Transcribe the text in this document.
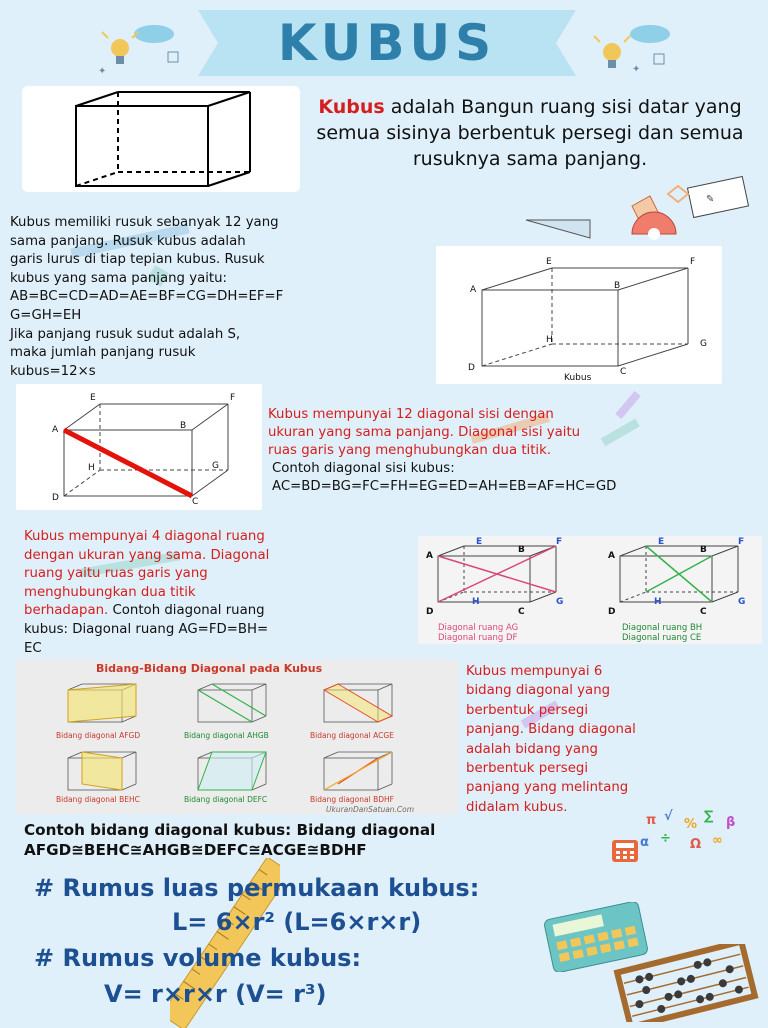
KUBUS
✦	✦
Kubus adalah Bangun ruang sisi datar yang semua sisinya berbentuk persegi dan semua rusuknya sama panjang.
✎
Kubus memiliki rusuk sebanyak 12 yang
sama panjang. Rusuk kubus adalah
garis lurus di tiap tepian kubus. Rusuk
kubus yang sama panjang yaitu:
AB=BC=CD=AD=AE=BF=CG=DH=EF=F
G=GH=EH
Jika panjang rusuk sudut adalah S,
maka jumlah panjang rusuk
kubus=12×s
A	B
C
D
E	F
G
H
Kubus
A	B
C
D
E	F
G
H
Kubus mempunyai 12 diagonal sisi dengan
ukuran yang sama panjang. Diagonal sisi yaitu
ruas garis yang menghubungkan dua titik.
Contoh diagonal sisi kubus:
AC=BD=BG=FC=FH=EG=ED=AH=EB=AF=HC=GD
Kubus mempunyai 4 diagonal ruang
dengan ukuran yang sama. Diagonal
ruang yaitu ruas garis yang
menghubungkan dua titik
berhadapan. Contoh diagonal ruang
kubus: Diagonal ruang AG=FD=BH=
EC
A
B
C
D
E	F
G
H
A
B
C
D
E	F
G
H
Diagonal ruang AG
Diagonal ruang DF
Diagonal ruang BH
Diagonal ruang CE
Bidang-Bidang Diagonal pada Kubus
Bidang diagonal AFGD	Bidang diagonal AHGB	Bidang diagonal ACGE
Bidang diagonal BEHC	Bidang diagonal DEFC	Bidang diagonal BDHF
UkuranDanSatuan.Com
Kubus mempunyai 6
bidang diagonal yang
berbentuk persegi
panjang. Bidang diagonal
adalah bidang yang
berbentuk persegi
panjang yang melintang
didalam kubus.
π √
%
∑ β
α ÷ Ω ∞
Contoh bidang diagonal kubus: Bidang diagonal
AFGD≅BEHC≅AHGB≅DEFC≅ACGE≅BDHF
# Rumus luas permukaan kubus:
L= 6×r² (L=6×r×r)
# Rumus volume kubus:
V= r×r×r (V= r³)
